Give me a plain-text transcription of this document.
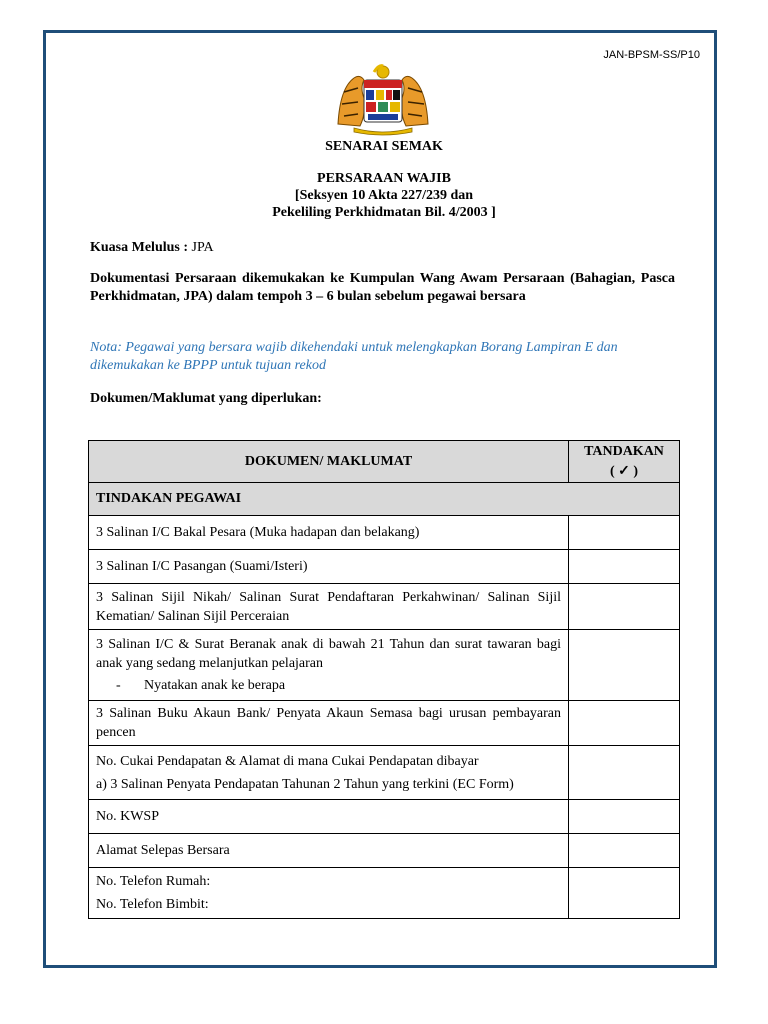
JAN-BPSM-SS/P10
SENARAI SEMAK
PERSARAAN WAJIB
[Seksyen 10 Akta 227/239 dan
Pekeliling Perkhidmatan Bil. 4/2003 ]
Kuasa Melulus : JPA
Dokumentasi Persaraan dikemukakan ke Kumpulan Wang Awam Persaraan (Bahagian, Pasca Perkhidmatan, JPA) dalam tempoh 3 – 6 bulan sebelum pegawai bersara
Nota: Pegawai yang bersara wajib dikehendaki untuk melengkapkan Borang Lampiran E dan dikemukakan ke BPPP untuk tujuan rekod
Dokumen/Maklumat yang diperlukan:
DOKUMEN/ MAKLUMAT	TANDAKAN
( ✓ )

TINDAKAN PEGAWAI	
3 Salinan I/C Bakal Pesara (Muka hadapan dan belakang)	
3 Salinan I/C Pasangan (Suami/Isteri)	
3 Salinan Sijil Nikah/ Salinan Surat Pendaftaran Perkahwinan/ Salinan Sijil Kematian/ Salinan Sijil Perceraian	

3 Salinan I/C & Surat Beranak anak di bawah 21 Tahun dan surat tawaran bagi anak yang sedang melanjutkan pelajaran
- Nyatakan anak ke berapa	

3 Salinan Buku Akaun Bank/ Penyata Akaun Semasa bagi urusan pembayaran pencen	

No. Cukai Pendapatan & Alamat di mana Cukai Pendapatan dibayar
a) 3 Salinan Penyata Pendapatan Tahunan 2 Tahun yang terkini (EC Form)	

No. KWSP	
Alamat Selepas Bersara	

No. Telefon Rumah:
No. Telefon Bimbit:	
